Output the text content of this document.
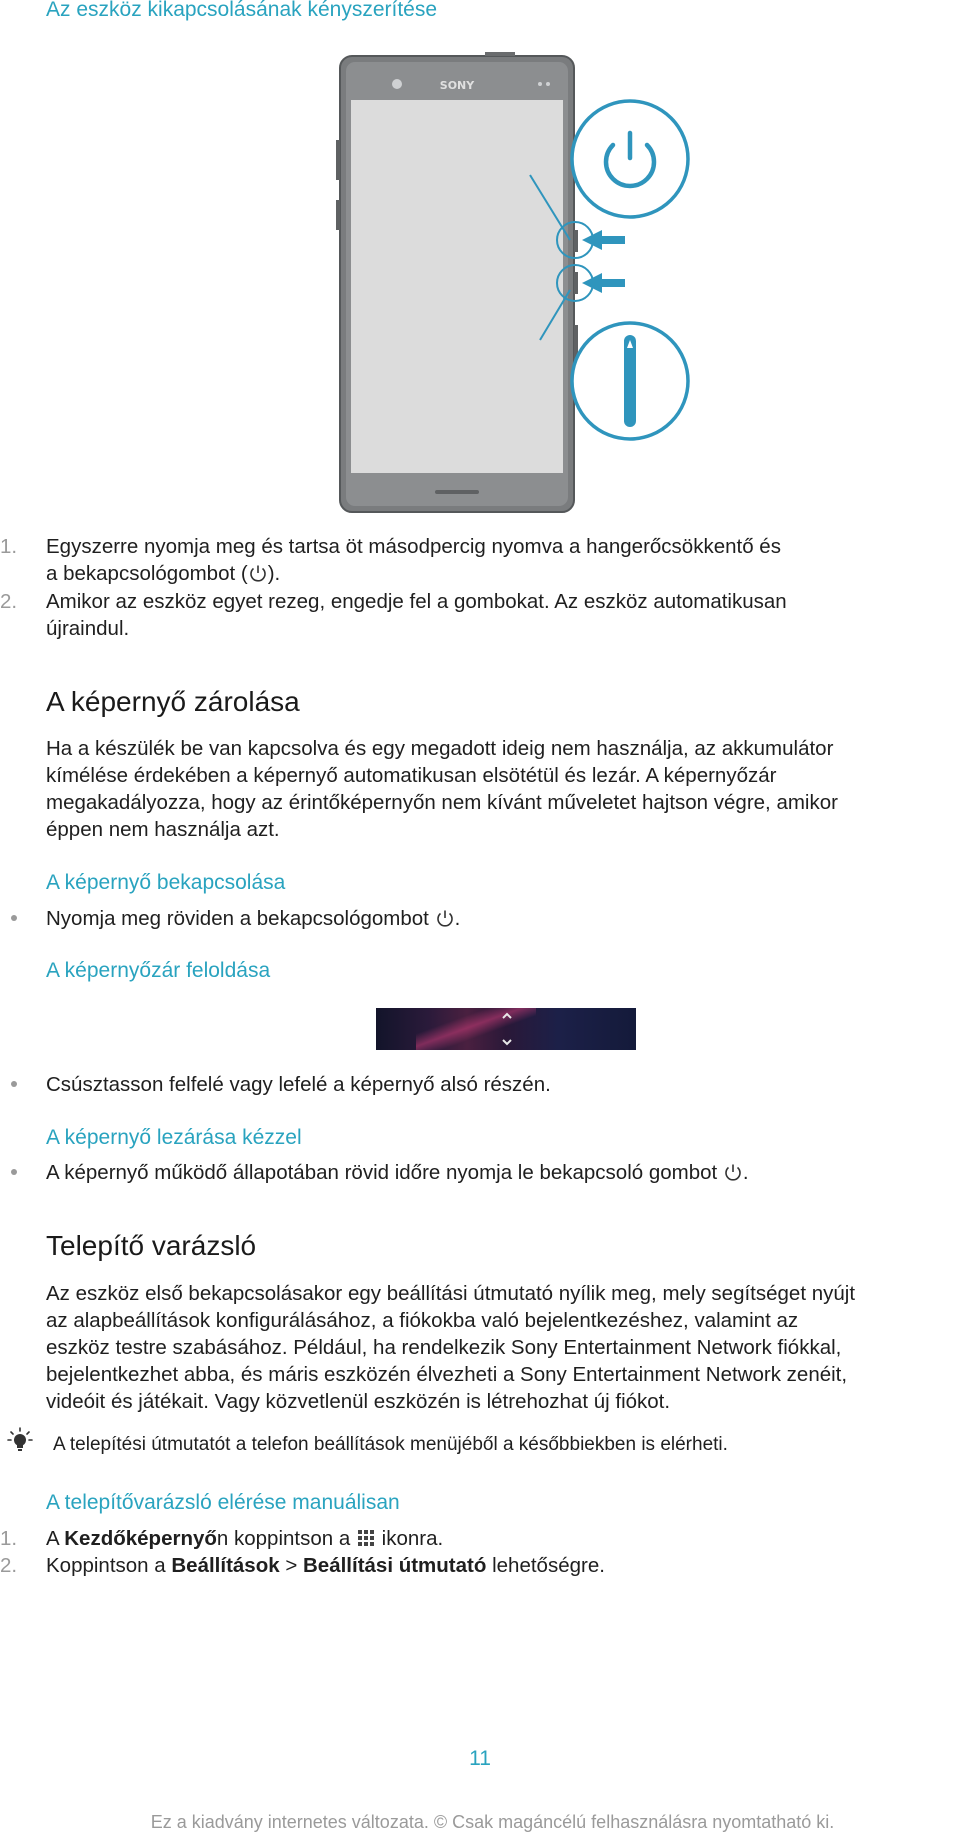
Az eszköz kikapcsolásának kényszerítése
SONY
1. Egyszerre nyomja meg és tartsa öt másodpercig nyomva a hangerőcsökkentő és
a bekapcsológombot ( ).
2. Amikor az eszköz egyet rezeg, engedje fel a gombokat. Az eszköz automatikusan
újraindul.
A képernyő zárolása
Ha a készülék be van kapcsolva és egy megadott ideig nem használja, az akkumulátor
kímélése érdekében a képernyő automatikusan elsötétül és lezár. A képernyőzár
megakadályozza, hogy az érintőképernyőn nem kívánt műveletet hajtson végre, amikor
éppen nem használja azt.
A képernyő bekapcsolása
Nyomja meg röviden a bekapcsológombot .
A képernyőzár feloldása
Csúsztasson felfelé vagy lefelé a képernyő alsó részén.
A képernyő lezárása kézzel
A képernyő működő állapotában rövid időre nyomja le bekapcsoló gombot .
Telepítő varázsló
Az eszköz első bekapcsolásakor egy beállítási útmutató nyílik meg, mely segítséget nyújt
az alapbeállítások konfigurálásához, a fiókokba való bejelentkezéshez, valamint az
eszköz testre szabásához. Például, ha rendelkezik Sony Entertainment Network fiókkal,
bejelentkezhet abba, és máris eszközén élvezheti a Sony Entertainment Network zenéit,
videóit és játékait. Vagy közvetlenül eszközén is létrehozhat új fiókot.
A telepítési útmutatót a telefon beállítások menüjéből a későbbiekben is elérheti.
A telepítővarázsló elérése manuálisan
1. A Kezdőképernyőn koppintson a  ikonra.
2. Koppintson a Beállítások > Beállítási útmutató lehetőségre.
11
Ez a kiadvány internetes változata. © Csak magáncélú felhasználásra nyomtatható ki.
